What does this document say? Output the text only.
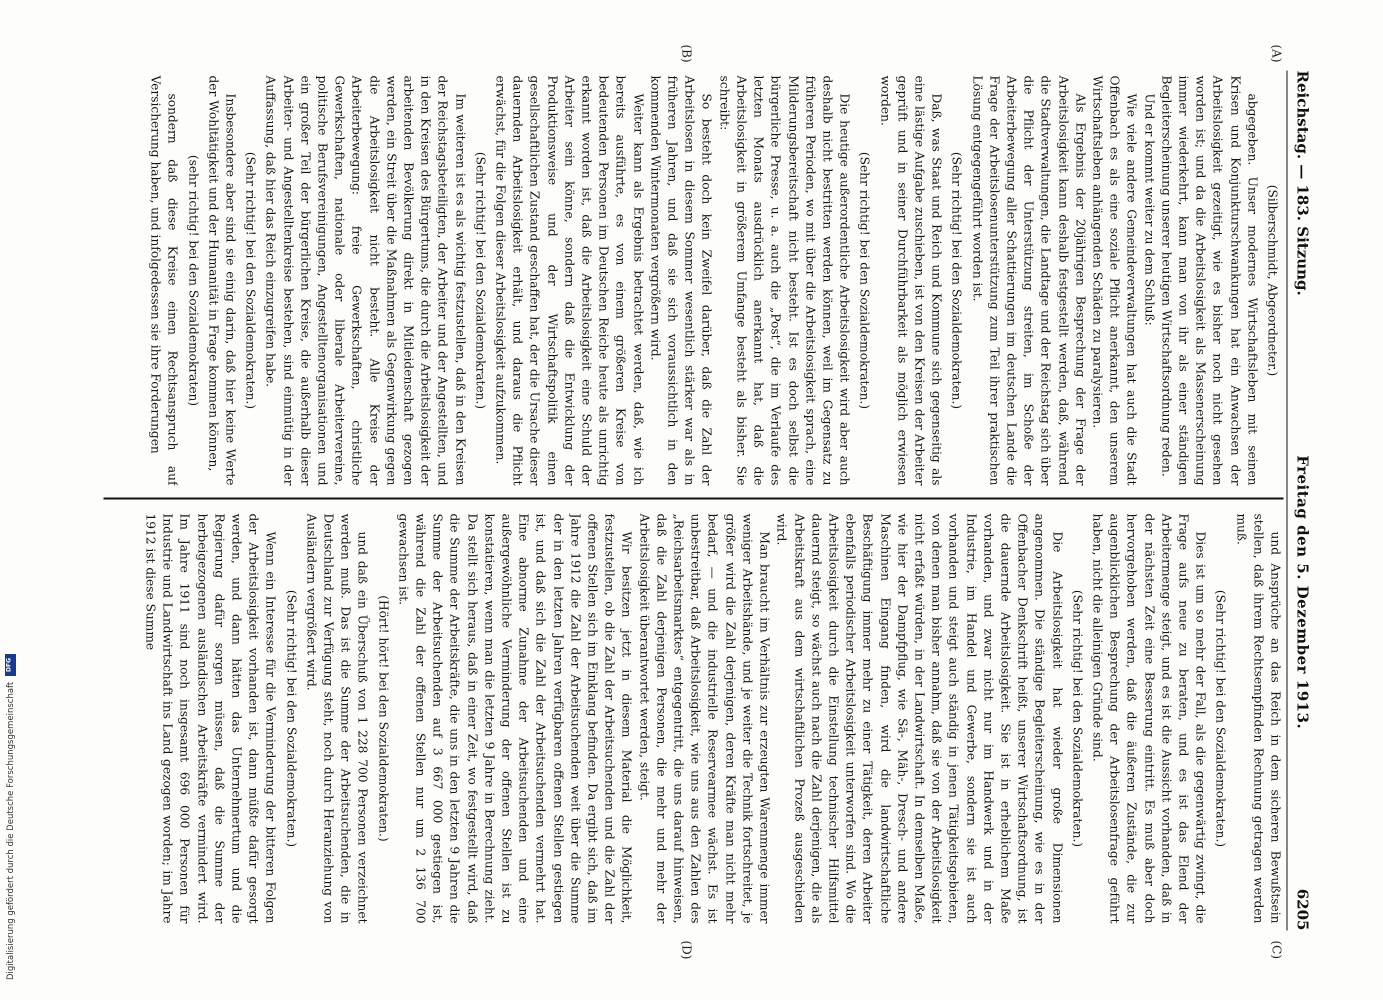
Reichstag. — 183. Sitzung.
Freitag den 5. Dezember 1913.
6205
(A)
(B)
(C)
(D)

(Silberschmidt, Abgeordneter.)

abgegeben. Unser modernes Wirtschaftsleben mit seinen Krisen und Konjunkturschwankungen hat ein Anwachsen der Arbeitslosigkeit gezeitigt, wie es bisher noch nicht gesehen worden ist; und da die Arbeitslosigkeit als Massenerscheinung immer wiederkehrt, kann man von ihr als einer ständigen Begleiterscheinung unserer heutigen Wirtschaftsordnung reden.

Und er kommt weiter zu dem Schluß:

Wie viele andere Gemeindeverwaltungen hat auch die Stadt Offenbach es als eine soziale Pflicht anerkannt, den unserem Wirtschaftsleben anhängenden Schäden zu paralysieren.

Als Ergebnis der 20jährigen Besprechung der Frage der Arbeitslosigkeit kann deshalb festgestellt werden, daß, während die Stadtverwaltungen, die Landtage und der Reichstag sich über die Pflicht der Unterstützung streiten, im Schoße der Arbeiterbewegung aller Schattierungen im deutschen Lande die Frage der Arbeitslosenunterstützung zum Teil ihrer praktischen Lösung entgegengeführt worden ist.

(Sehr richtig! bei den Sozialdemokraten.)

Daß, was Staat und Reich und Kommune sich gegenseitig als eine lästige Aufgabe zuschieben, ist von den Kreisen der Arbeiter geprüft und in seiner Durchführbarkeit als möglich erwiesen worden.

(Sehr richtig! bei den Sozialdemokraten.)

Die heutige außerordentliche Arbeitslosigkeit wird aber auch deshalb nicht bestritten werden können, weil im Gegensatz zu früheren Perioden, wo mit über die Arbeitslosigkeit sprach, eine Milderungsbereitschaft nicht besteht. Ist es doch selbst die bürgerliche Presse, u. a. auch die „Post“, die im Verlaufe des letzten Monats ausdrücklich anerkannt hat, daß die Arbeitslosigkeit in größerem Umfange besteht als bisher. Sie schreibt:

So besteht doch kein Zweifel darüber, daß die Zahl der Arbeitslosen in diesem Sommer wesentlich stärker war als in früheren Jahren, und daß sie sich voraussichtlich in den kommenden Wintermonaten vergrößern wird.

Weiter kann als Ergebnis betrachtet werden, daß, wie ich bereits ausführte, es von einem größeren Kreise von bedeutenden Personen im Deutschen Reiche heute als unrichtig erkannt worden ist, daß die Arbeitslosigkeit eine Schuld der Arbeiter sein könne, sondern daß die Entwicklung der Produktionsweise und der Wirtschaftspolitik einen gesellschaftlichen Zustand geschaffen hat, der die Ursache dieser dauernden Arbeitslosigkeit erhält, und daraus die Pflicht erwächst, für die Folgen dieser Arbeitslosigkeit aufzukommen.

(Sehr richtig! bei den Sozialdemokraten.)

Im weiteren ist es als wichtig festzustellen, daß in den Kreisen der Reichstagsbeteiligten, der Arbeiter und der Angestellten, und in den Kreisen des Bürgertums, die durch die Arbeitslosigkeit der arbeitenden Bevölkerung direkt in Mitleidenschaft gezogen werden, ein Streit über die Maßnahmen als Gegenwirkung gegen die Arbeitslosigkeit nicht besteht. Alle Kreise der Arbeiterbewegung: freie Gewerkschaften, christliche Gewerkschaften, nationale oder liberale Arbeitervereine, politische Berufsvereinigungen, Angestelltenorganisationen und ein großer Teil der bürgerlichen Kreise, die außerhalb dieser Arbeiter- und Angestelltenkreise bestehen, sind einmütig in der Auffassung, daß hier das Reich einzugreifen habe.

(Sehr richtig! bei den Sozialdemokraten.)

Insbesondere aber sind sie einig darin, daß hier keine Werte der Wohltätigkeit und der Humanität in Frage kommen können,

(sehr richtig! bei den Sozialdemokraten)

sondern daß diese Kreise einen Rechtsanspruch auf Versicherung haben, und infolgedessen sie ihre Forderungen

und Ansprüche an das Reich in dem sicheren Bewußtsein stellen, daß ihrem Rechtsempfinden Rechnung getragen werden muß.

(Sehr richtig! bei den Sozialdemokraten.)

Dies ist um so mehr der Fall, als die gegenwärtig zwingt, die Frage aufs neue zu beraten, und es ist das Elend der Arbeitermenge steigt, und es ist die Aussicht vorhanden, daß in der nächsten Zeit eine Besserung eintritt. Es muß aber doch hervorgehoben werden, daß die äußeren Zustände, die zur augenblicklichen Besprechung der Arbeitslosenfrage geführt haben, nicht die alleinigen Gründe sind.

(Sehr richtig! bei den Sozialdemokraten.)

Die Arbeitslosigkeit hat wieder große Dimensionen angenommen. Die ständige Begleiterscheinung, wie es in der Offenbacher Denkschrift heißt, unserer Wirtschaftsordnung, ist die dauernde Arbeitslosigkeit. Sie ist in erheblichem Maße vorhanden, und zwar nicht nur im Handwerk und in der Industrie, im Handel und Gewerbe, sondern sie ist auch vorhanden und steigt auch ständig in jenen Tätigkeitsgebieten, von denen man bisher annahm, daß sie von der Arbeitslosigkeit nicht erfaßt würden, in der Landwirtschaft. In demselben Maße, wie hier der Dampfpflug, wie Sä-, Mäh-, Dresch- und andere Maschinen Eingang finden, wird die landwirtschaftliche Beschäftigung immer mehr zu einer Tätigkeit, deren Arbeiter ebenfalls periodischer Arbeitslosigkeit unterworfen sind. Wo die Arbeitslosigkeit durch die Einstellung technischer Hilfsmittel dauernd steigt, so wächst auch nach die Zahl derjenigen, die als Arbeitskraft aus dem wirtschaftlichen Prozeß ausgeschieden wird.

Man braucht im Verhältnis zur erzeugten Warenmenge immer weniger Arbeitshände, und je weiter die Technik fortschreitet, je größer wird die Zahl derjenigen, deren Kräfte man nicht mehr bedarf, — und die industrielle Reservearmee wächst. Es ist unbestreitbar, daß Arbeitslosigkeit, wie uns aus den Zahlen des „Reichsarbeitsmarktes“ entgegentritt, die uns darauf hinweisen, daß die Zahl derjenigen Personen, die mehr und mehr der Arbeitslosigkeit überantwortet werden, steigt.

Wir besitzen jetzt in diesem Material die Möglichkeit, festzustellen, ob die Zahl der Arbeitsuchenden und die Zahl der offenen Stellen sich im Einklang befinden. Da ergibt sich, daß im Jahre 1912 die Zahl der Arbeitsuchenden weit über die Summe der in den letzten Jahren verfügbaren offenen Stellen gestiegen ist, und daß sich die Zahl der Arbeitsuchenden vermehrt hat. Eine abnorme Zunahme der Arbeitsuchenden und eine außergewöhnliche Verminderung der offenen Stellen ist zu konstatieren, wenn man die letzten 9 Jahre in Berechnung zieht. Da stellt sich heraus, daß in einer Zeit, wo festgestellt wird, daß die Summe der Arbeitskräfte, die uns in den letzten 9 Jahren die Summe der Arbeitsuchenden auf 3 667 000 gestiegen ist, während die Zahl der offenen Stellen nur um 2 136 700 gewachsen ist.

(Hört! hört! bei den Sozialdemokraten.)

und daß ein Überschuß von 1 228 700 Personen verzeichnet werden muß. Das ist die Summe der Arbeitsuchenden, die in Deutschland zur Verfügung steht, noch durch Heranziehung von Ausländern vergrößert wird.

(Sehr richtig! bei den Sozialdemokraten.)

Wenn ein Interesse für die Verminderung der bitteren Folgen der Arbeitslosigkeit vorhanden ist, dann müßte dafür gesorgt werden, und dann hätten das Unternehmertum und die Regierung dafür sorgen müssen, daß die Summe der herbeigezogenen ausländischen Arbeitskräfte vermindert wird. Im Jahre 1911 sind noch insgesamt 696 000 Personen für Industrie und Landwirtschaft ins Land gezogen worden; im Jahre 1912 ist diese Summe

Digitalisierung gefördert durch die Deutsche Forschungsgemeinschaft
DFG
